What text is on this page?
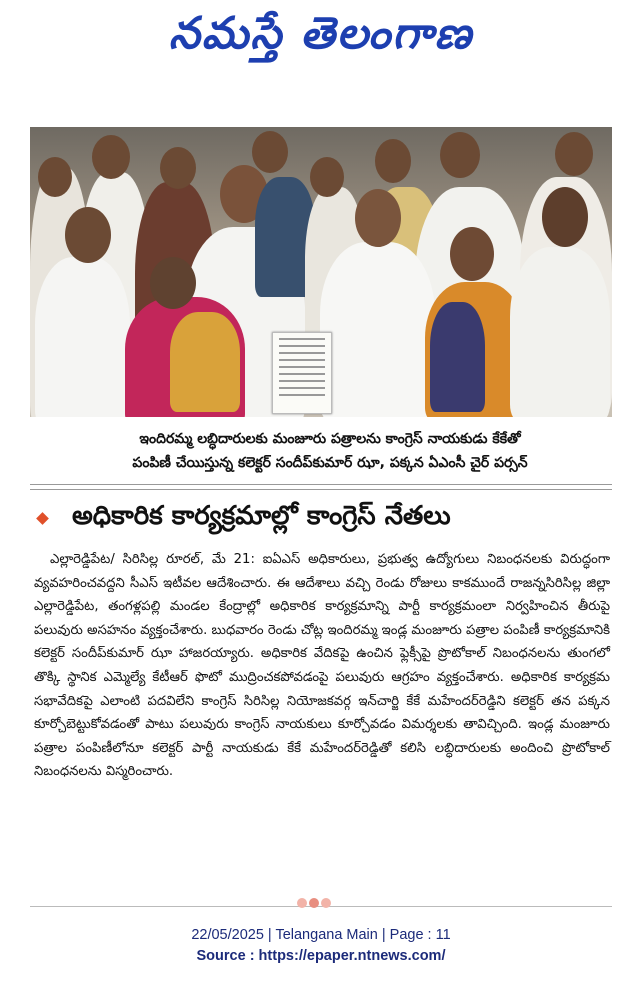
నమస్తే తెలంగాణ
ఇందిరమ్మ లబ్ధిదారులకు మంజూరు పత్రాలను కాంగ్రెస్ నాయకుడు కేకేతో
పంపిణీ చేయిస్తున్న కలెక్టర్ సందీప్‌కుమార్ ఝా, పక్కన ఏఎంసీ చైర్ పర్సన్
అధికారిక కార్యక్రమాల్లో కాంగ్రెస్ నేతలు

ఎల్లారెడ్డిపేట/ సిరిసిల్ల రూరల్, మే 21: ఐఏఎస్ అధికారులు, ప్రభుత్వ ఉద్యోగులు నిబంధనలకు విరుద్ధంగా వ్యవహరించవద్దని సీఎస్ ఇటీవల ఆదేశించారు. ఈ ఆదేశాలు వచ్చి రెండు రోజులు కాకముందే రాజన్నసిరిసిల్ల జిల్లా ఎల్లారెడ్డిపేట, తంగళ్లపల్లి మండల కేంద్రాల్లో అధికారిక కార్యక్రమాన్ని పార్టీ కార్యక్రమంలా నిర్వహించిన తీరుపై పలువురు అసహనం వ్యక్తంచేశారు. బుధవారం రెండు చోట్ల ఇందిరమ్మ ఇండ్ల మంజూరు పత్రాల పంపిణీ కార్యక్రమానికి కలెక్టర్ సందీప్‌కుమార్ ఝా హాజరయ్యారు. అధికారిక వేదికపై ఉంచిన ఫ్లెక్సీపై ప్రొటోకాల్ నిబంధనలను తుంగలో తొక్కి స్థానిక ఎమ్మెల్యే కేటీఆర్ ఫొటో ముద్రించకపోవడంపై పలువురు ఆగ్రహం వ్యక్తంచేశారు. అధికారిక కార్యక్రమ సభావేదికపై ఎలాంటి పదవిలేని కాంగ్రెస్ సిరిసిల్ల నియోజకవర్గ ఇన్‌చార్జి కేకే మహేందర్‌రెడ్డిని కలెక్టర్ తన పక్కన కూర్చోబెట్టుకోవడంతో పాటు పలువురు కాంగ్రెస్ నాయకులు కూర్చోవడం విమర్శలకు తావిచ్చింది. ఇండ్ల మంజూరు పత్రాల పంపిణీలోనూ కలెక్టర్ పార్టీ నాయకుడు కేకే మహేందర్‌రెడ్డితో కలిసి లబ్ధిదారులకు అందించి ప్రొటోకాల్ నిబంధనలను విస్మరించారు.

22/05/2025 | Telangana Main | Page : 11
Source : https://epaper.ntnews.com/
